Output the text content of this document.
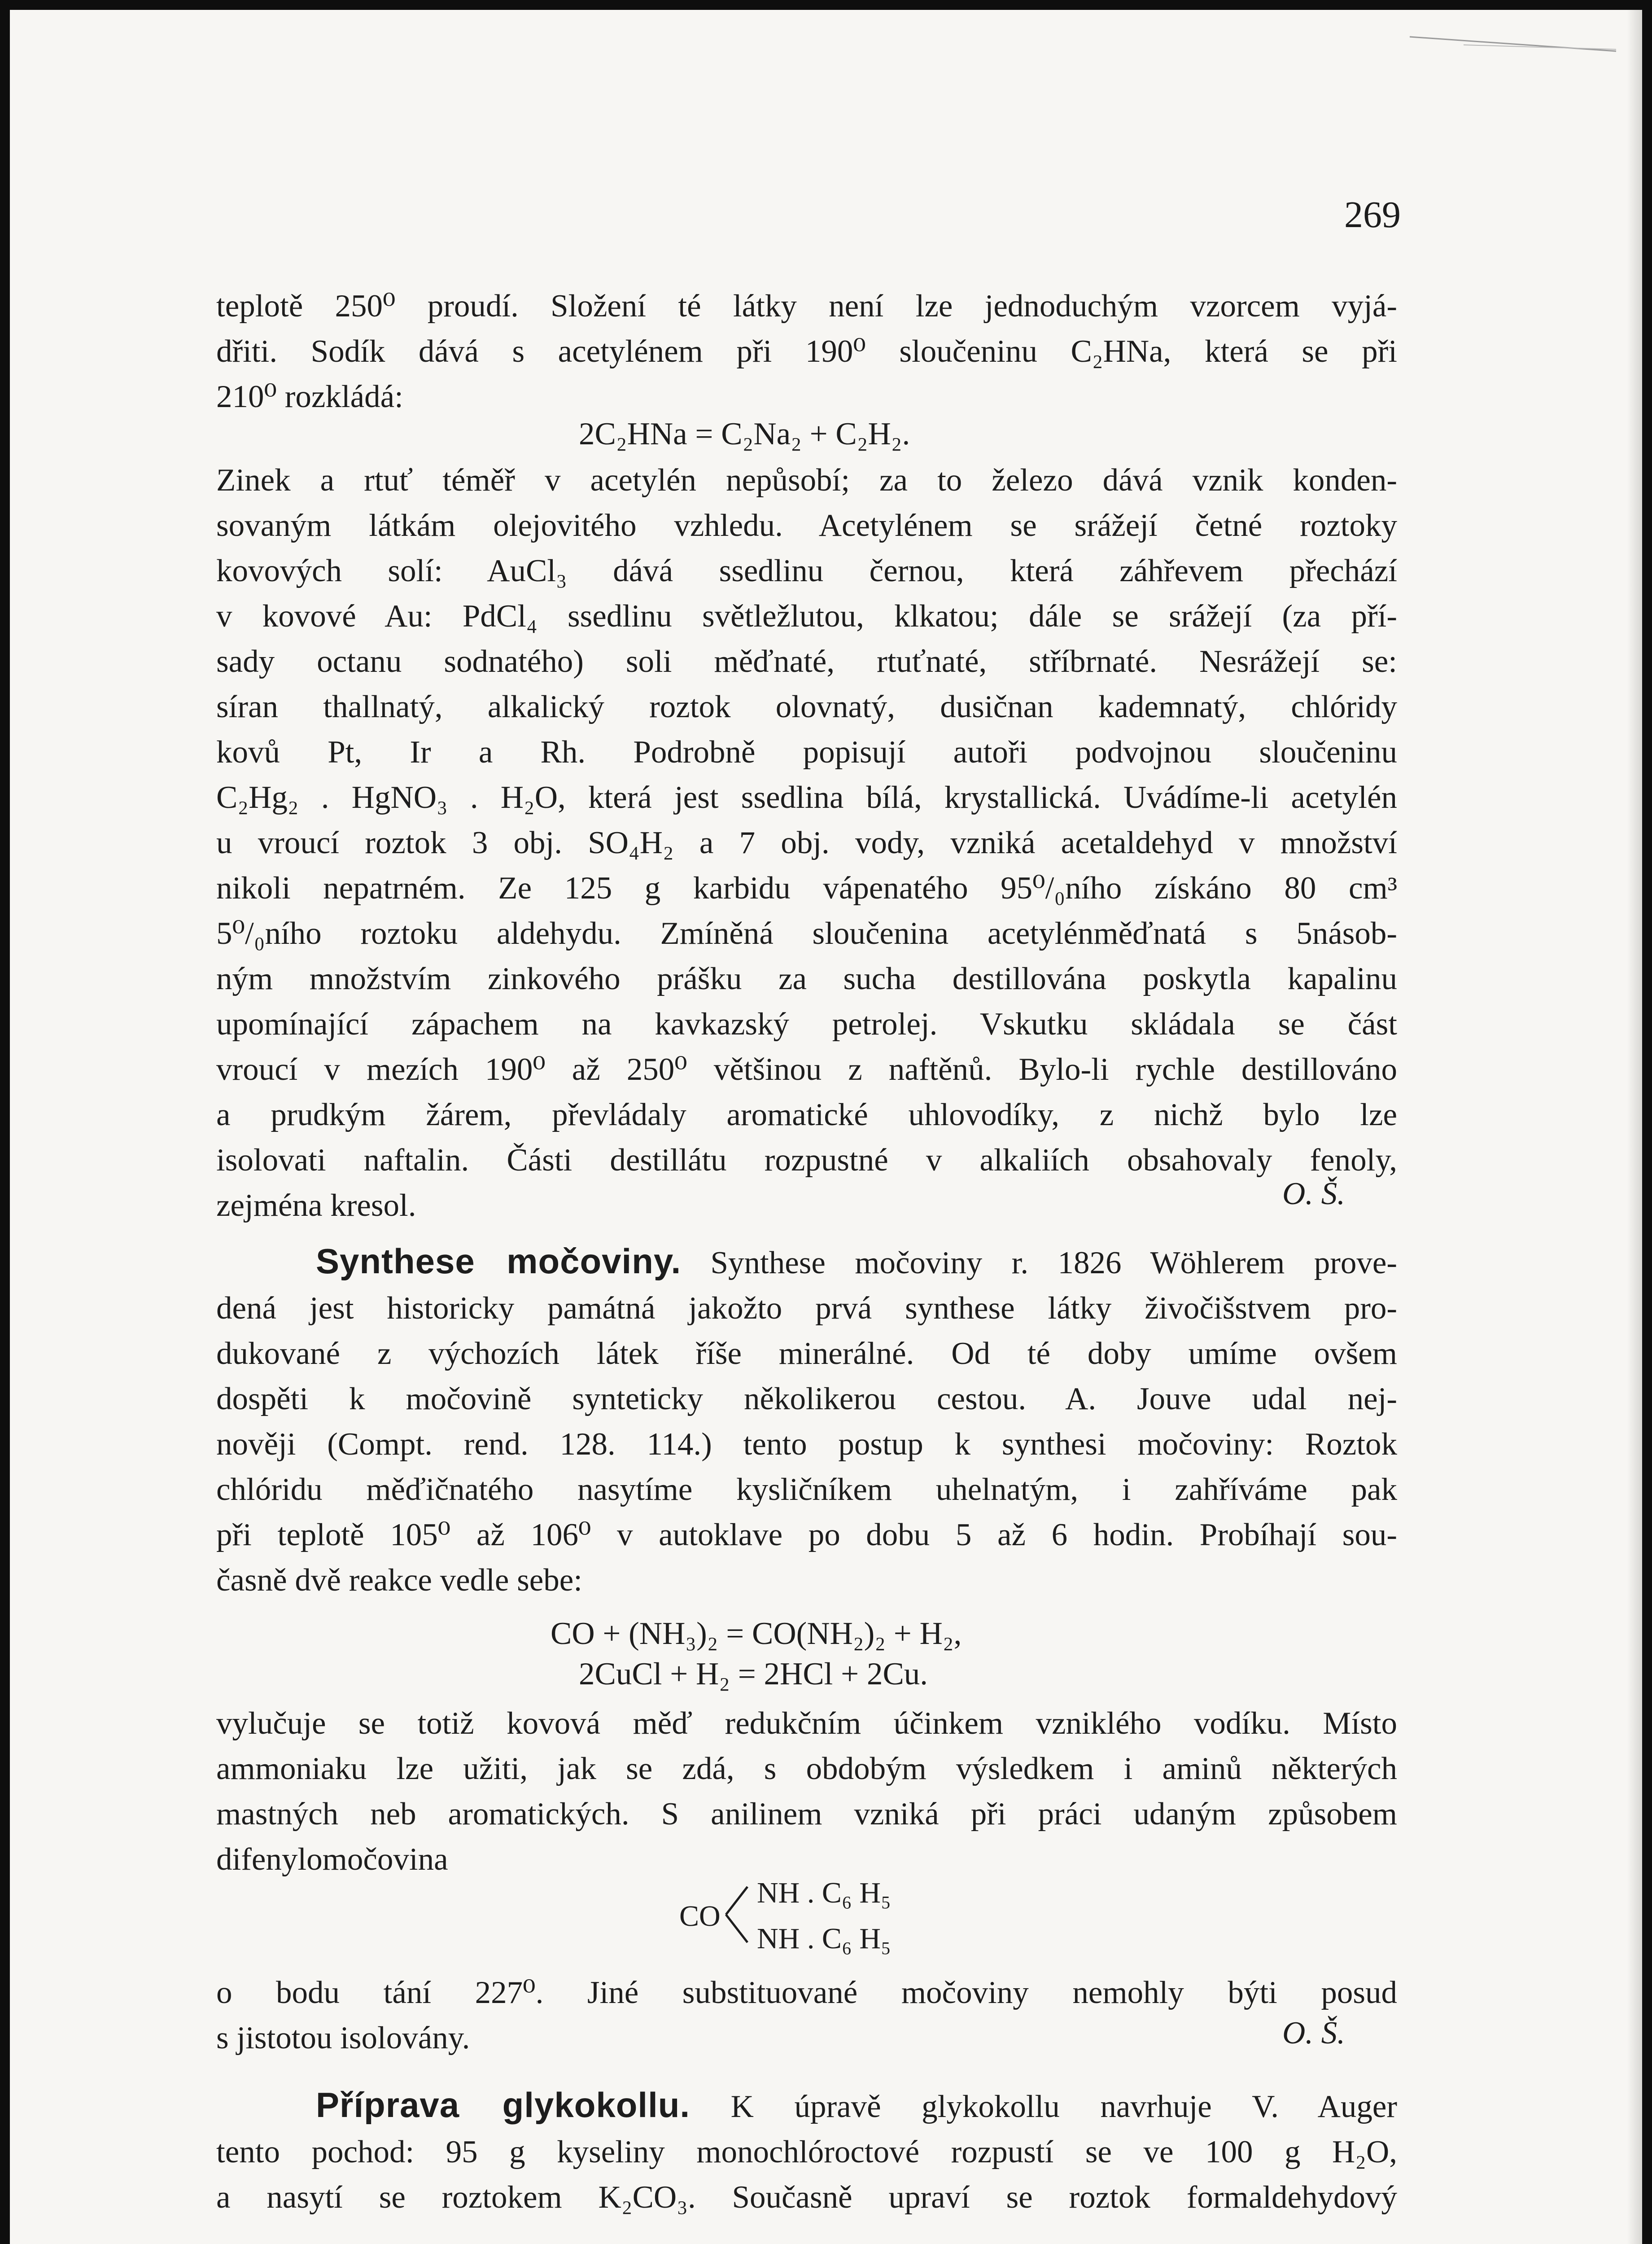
269
teplotě 250⁰ proudí. Složení té látky není lze jednoduchým vzorcem vyjá-
dřiti. Sodík dává s acetylénem při 190⁰ sloučeninu C₂HNa, která se při
210⁰ rozkládá:
2C₂HNa = C₂Na₂ + C₂H₂.
Zinek a rtuť téměř v acetylén nepůsobí; za to železo dává vznik konden-
sovaným látkám olejovitého vzhledu. Acetylénem se srážejí četné roztoky
kovových solí: AuCl₃ dává ssedlinu černou, která záhřevem přechází
v kovové Au: PdCl₄ ssedlinu světležlutou, klkatou; dále se srážejí (za pří-
sady octanu sodnatého) soli měďnaté, rtuťnaté, stříbrnaté. Nesrážejí se:
síran thallnatý, alkalický roztok olovnatý, dusičnan kademnatý, chlóridy
kovů Pt, Ir a Rh. Podrobně popisují autoři podvojnou sloučeninu
C₂Hg₂ . HgNO₃ . H₂O, která jest ssedlina bílá, krystallická. Uvádíme-li acetylén
u vroucí roztok 3 obj. SO₄H₂ a 7 obj. vody, vzniká acetaldehyd v množství
nikoli nepatrném. Ze 125 g karbidu vápenatého 95⁰/₀ního získáno 80 cm³
5⁰/₀ního roztoku aldehydu. Zmíněná sloučenina acetylénměďnatá s 5násob-
ným množstvím zinkového prášku za sucha destillována poskytla kapalinu
upomínající zápachem na kavkazský petrolej. Vskutku skládala se část
vroucí v mezích 190⁰ až 250⁰ většinou z naftěnů. Bylo-li rychle destillováno
a prudkým žárem, převládaly aromatické uhlovodíky, z nichž bylo lze
isolovati naftalin. Části destillátu rozpustné v alkaliích obsahovaly fenoly,
zejména kresol.	O. Š.
Synthese močoviny. Synthese močoviny r. 1826 Wöhlerem prove-
dená jest historicky památná jakožto prvá synthese látky živočišstvem pro-
dukované z výchozích látek říše minerálné. Od té doby umíme ovšem
dospěti k močovině synteticky několikerou cestou. A. Jouve udal nej-
nověji (Compt. rend. 128. 114.) tento postup k synthesi močoviny: Roztok
chlóridu měďičnatého nasytíme kysličníkem uhelnatým, i zahříváme pak
při teplotě 105⁰ až 106⁰ v autoklave po dobu 5 až 6 hodin. Probíhají sou-
časně dvě reakce vedle sebe:
CO + (NH₃)₂ = CO(NH₂)₂ + H₂,
2CuCl + H₂ = 2HCl + 2Cu.
vylučuje se totiž kovová měď redukčním účinkem vzniklého vodíku. Místo
ammoniaku lze užiti, jak se zdá, s obdobým výsledkem i aminů některých
mastných neb aromatických. S anilinem vzniká při práci udaným způsobem
difenylomočovina
CO
NH . C₆ H₅
NH . C₆ H₅
o bodu tání 227⁰. Jiné substituované močoviny nemohly býti posud
s jistotou isolovány.	O. Š.
Příprava glykokollu. K úpravě glykokollu navrhuje V. Auger
tento pochod: 95 g kyseliny monochlóroctové rozpustí se ve 100 g H₂O,
a nasytí se roztokem K₂CO₃. Současně upraví se roztok formaldehydový
